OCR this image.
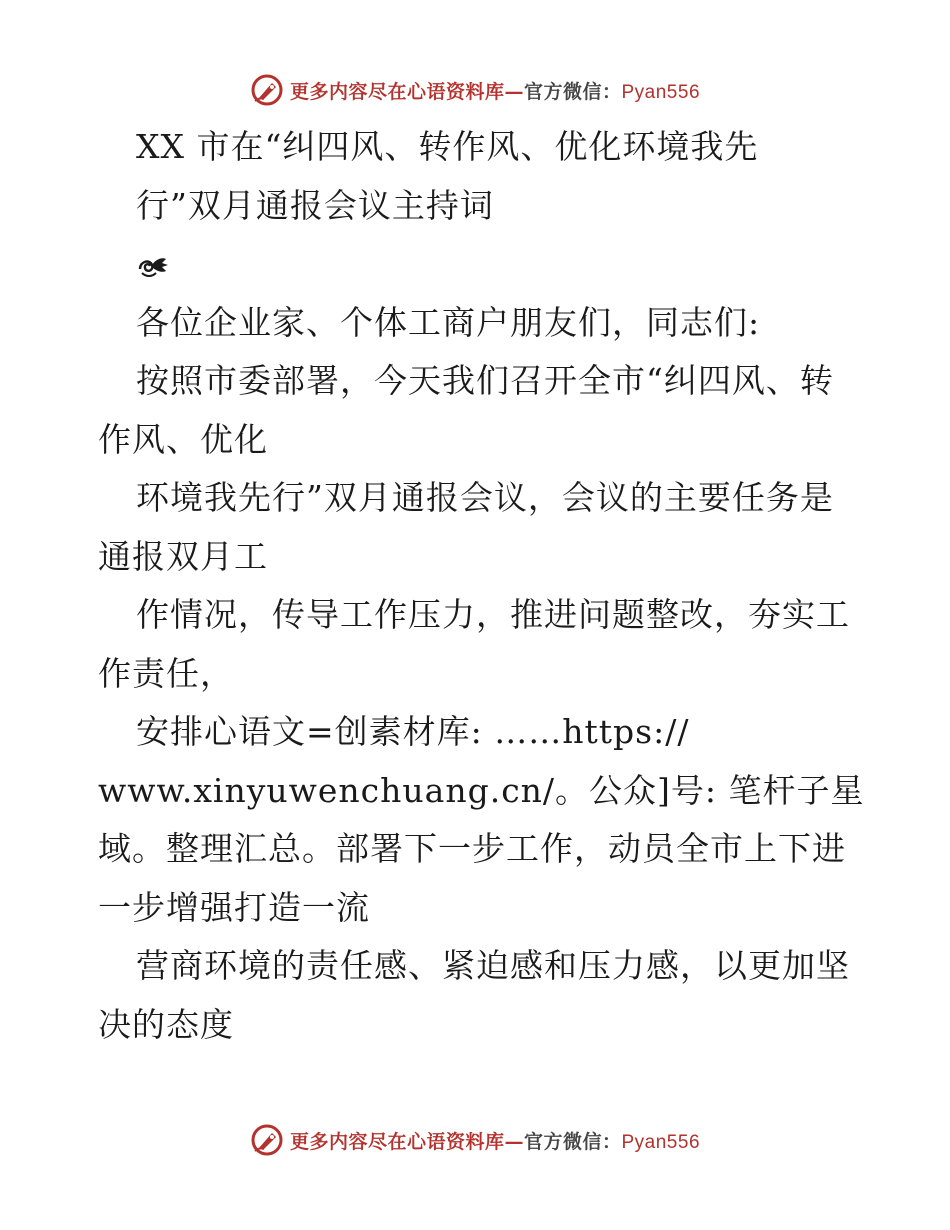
更多内容尽在心语资料库—官方微信：Pyan556
XX 市在“纠四风、转作风、优化环境我先
行”双月通报会议主持词
各位企业家、个体工商户朋友们，同志们:
按照市委部署，今天我们召开全市“纠四风、转
作风、优化
环境我先行”双月通报会议，会议的主要任务是
通报双月工
作情况，传导工作压力，推进问题整改，夯实工
作责任，
安排心语文=创素材库: ……https://
www.xinyuwenchuang.cn/。公众]号: 笔杆子星
域。整理汇总。部署下一步工作，动员全市上下进
一步增强打造一流
营商环境的责任感、紧迫感和压力感，以更加坚
决的态度
更多内容尽在心语资料库—官方微信：Pyan556
